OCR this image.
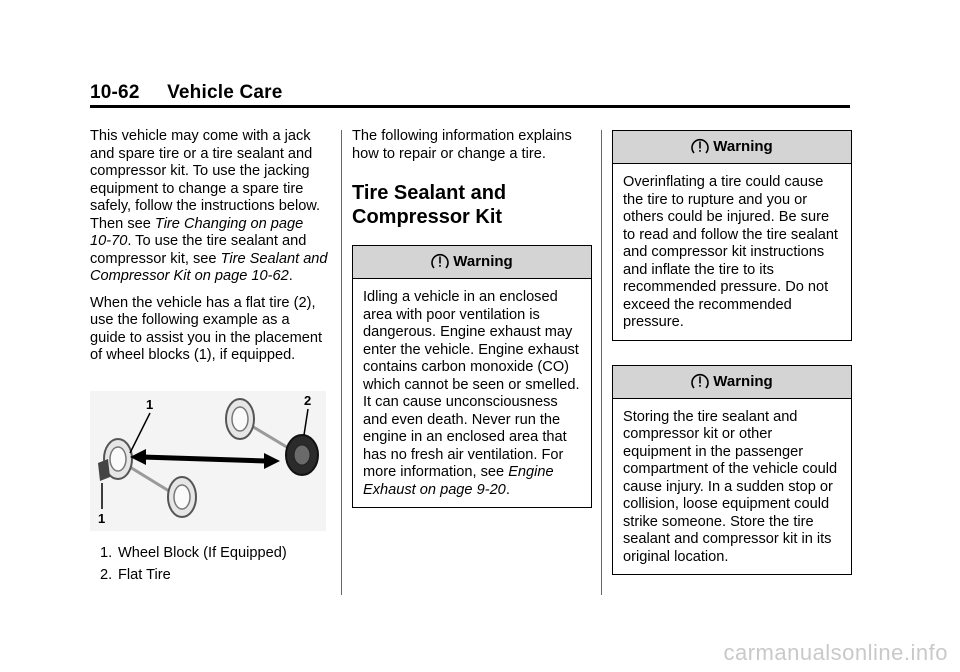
10-62 Vehicle Care

This vehicle may come with a jack and spare tire or a tire sealant and compressor kit. To use the jacking equipment to change a spare tire safely, follow the instructions below. Then see Tire Changing on page 10-70. To use the tire sealant and compressor kit, see Tire Sealant and Compressor Kit on page 10-62.

When the vehicle has a flat tire (2), use the following example as a guide to assist you in the placement of wheel blocks (1), if equipped.

1	2
1
1. Wheel Block (If Equipped)
2. Flat Tire

The following information explains how to repair or change a tire.

Tire Sealant and Compressor Kit
Warning
Idling a vehicle in an enclosed area with poor ventilation is dangerous. Engine exhaust may enter the vehicle. Engine exhaust contains carbon monoxide (CO) which cannot be seen or smelled. It can cause unconsciousness and even death. Never run the engine in an enclosed area that has no fresh air ventilation. For more information, see Engine Exhaust on page 9-20.
Warning
Overinflating a tire could cause the tire to rupture and you or others could be injured. Be sure to read and follow the tire sealant and compressor kit instructions and inflate the tire to its recommended pressure. Do not exceed the recommended pressure.
Warning
Storing the tire sealant and compressor kit or other equipment in the passenger compartment of the vehicle could cause injury. In a sudden stop or collision, loose equipment could strike someone. Store the tire sealant and compressor kit in its original location.
carmanualsonline.info
